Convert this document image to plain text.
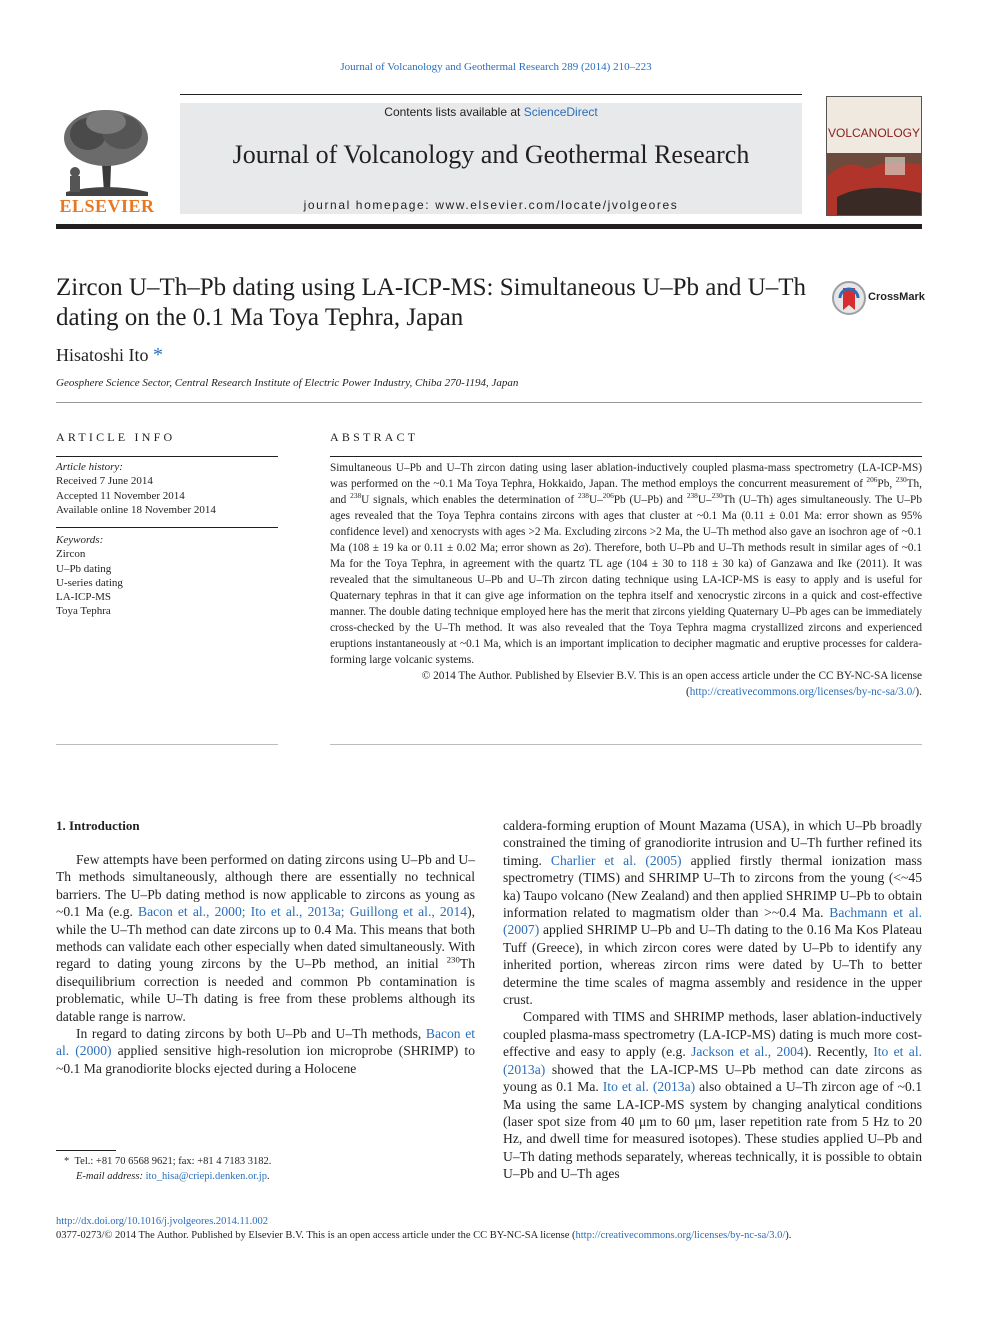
Journal of Volcanology and Geothermal Research 289 (2014) 210–223
ELSEVIER
Contents lists available at ScienceDirect
Journal of Volcanology and Geothermal Research
journal homepage: www.elsevier.com/locate/jvolgeores
VOLCANOLOGY
Zircon U–Th–Pb dating using LA-ICP-MS: Simultaneous U–Pb and U–Th dating on the 0.1 Ma Toya Tephra, Japan
CrossMark
Hisatoshi Ito *
Geosphere Science Sector, Central Research Institute of Electric Power Industry, Chiba 270-1194, Japan
ARTICLE INFO
Article history:
Received 7 June 2014
Accepted 11 November 2014
Available online 18 November 2014
Keywords:
Zircon
U–Pb dating
U-series dating
LA-ICP-MS
Toya Tephra
ABSTRACT

Simultaneous U–Pb and U–Th zircon dating using laser ablation-inductively coupled plasma-mass spectrometry (LA-ICP-MS) was performed on the ~0.1 Ma Toya Tephra, Hokkaido, Japan. The method employs the concurrent measurement of $^{206}$Pb, $^{230}$Th, and $^{238}$U signals, which enables the determination of $^{238}$U–$^{206}$Pb (U–Pb) and $^{238}$U–$^{230}$Th (U–Th) ages simultaneously. The U–Pb ages revealed that the Toya Tephra contains zircons with ages that cluster at ~0.1 Ma (0.11 ± 0.01 Ma: error shown as 95% confidence level) and xenocrysts with ages >2 Ma. Excluding zircons >2 Ma, the U–Th method also gave an isochron age of ~0.1 Ma (108 ± 19 ka or 0.11 ± 0.02 Ma; error shown as 2σ). Therefore, both U–Pb and U–Th methods result in similar ages of ~0.1 Ma for the Toya Tephra, in agreement with the quartz TL age (104 ± 30 to 118 ± 30 ka) of Ganzawa and Ike (2011). It was revealed that the simultaneous U–Pb and U–Th zircon dating technique using LA-ICP-MS is easy to apply and is useful for Quaternary tephras in that it can give age information on the tephra itself and xenocrystic zircons in a quick and cost-effective manner. The double dating technique employed here has the merit that zircons yielding Quaternary U–Pb ages can be immediately cross-checked by the U–Th method. It was also revealed that the Toya Tephra magma crystallized zircons and experienced eruptions instantaneously at ~0.1 Ma, which is an important implication to decipher magmatic and eruptive processes for caldera-forming large volcanic systems.

© 2014 The Author. Published by Elsevier B.V. This is an open access article under the CC BY-NC-SA license
(http://creativecommons.org/licenses/by-nc-sa/3.0/).

1. Introduction

Few attempts have been performed on dating zircons using U–Pb and U–Th methods simultaneously, although there are essentially no technical barriers. The U–Pb dating method is now applicable to zircons as young as ~0.1 Ma (e.g. Bacon et al., 2000; Ito et al., 2013a; Guillong et al., 2014), while the U–Th method can date zircons up to 0.4 Ma. This means that both methods can validate each other especially when dated simultaneously. With regard to dating young zircons by the U–Pb method, an initial $^{230}$Th disequilibrium correction is needed and common Pb contamination is problematic, while U–Th dating is free from these problems although its datable range is narrow.

In regard to dating zircons by both U–Pb and U–Th methods, Bacon et al. (2000) applied sensitive high-resolution ion microprobe (SHRIMP) to ~0.1 Ma granodiorite blocks ejected during a Holocene

caldera-forming eruption of Mount Mazama (USA), in which U–Pb broadly constrained the timing of granodiorite intrusion and U–Th further refined its timing. Charlier et al. (2005) applied firstly thermal ionization mass spectrometry (TIMS) and SHRIMP U–Th to zircons from the young (<~45 ka) Taupo volcano (New Zealand) and then applied SHRIMP U–Pb to obtain information related to magmatism older than >~0.4 Ma. Bachmann et al. (2007) applied SHRIMP U–Pb and U–Th dating to the 0.16 Ma Kos Plateau Tuff (Greece), in which zircon cores were dated by U–Pb to identify any inherited portion, whereas zircon rims were dated by U–Th to better determine the time scales of magma assembly and residence in the upper crust.

Compared with TIMS and SHRIMP methods, laser ablation-inductively coupled plasma-mass spectrometry (LA-ICP-MS) dating is much more cost-effective and easy to apply (e.g. Jackson et al., 2004). Recently, Ito et al. (2013a) showed that the LA-ICP-MS U–Pb method can date zircons as young as 0.1 Ma. Ito et al. (2013a) also obtained a U–Th zircon age of ~0.1 Ma using the same LA-ICP-MS system by changing analytical conditions (laser spot size from 40 μm to 60 μm, laser repetition rate from 5 Hz to 20 Hz, and dwell time for measured isotopes). These studies applied U–Pb and U–Th dating methods separately, whereas technically, it is possible to obtain U–Pb and U–Th ages

*  Tel.: +81 70 6568 9621; fax: +81 4 7183 3182.
E-mail address: ito_hisa@criepi.denken.or.jp.
http://dx.doi.org/10.1016/j.jvolgeores.2014.11.002
0377-0273/© 2014 The Author. Published by Elsevier B.V. This is an open access article under the CC BY-NC-SA license (http://creativecommons.org/licenses/by-nc-sa/3.0/).
